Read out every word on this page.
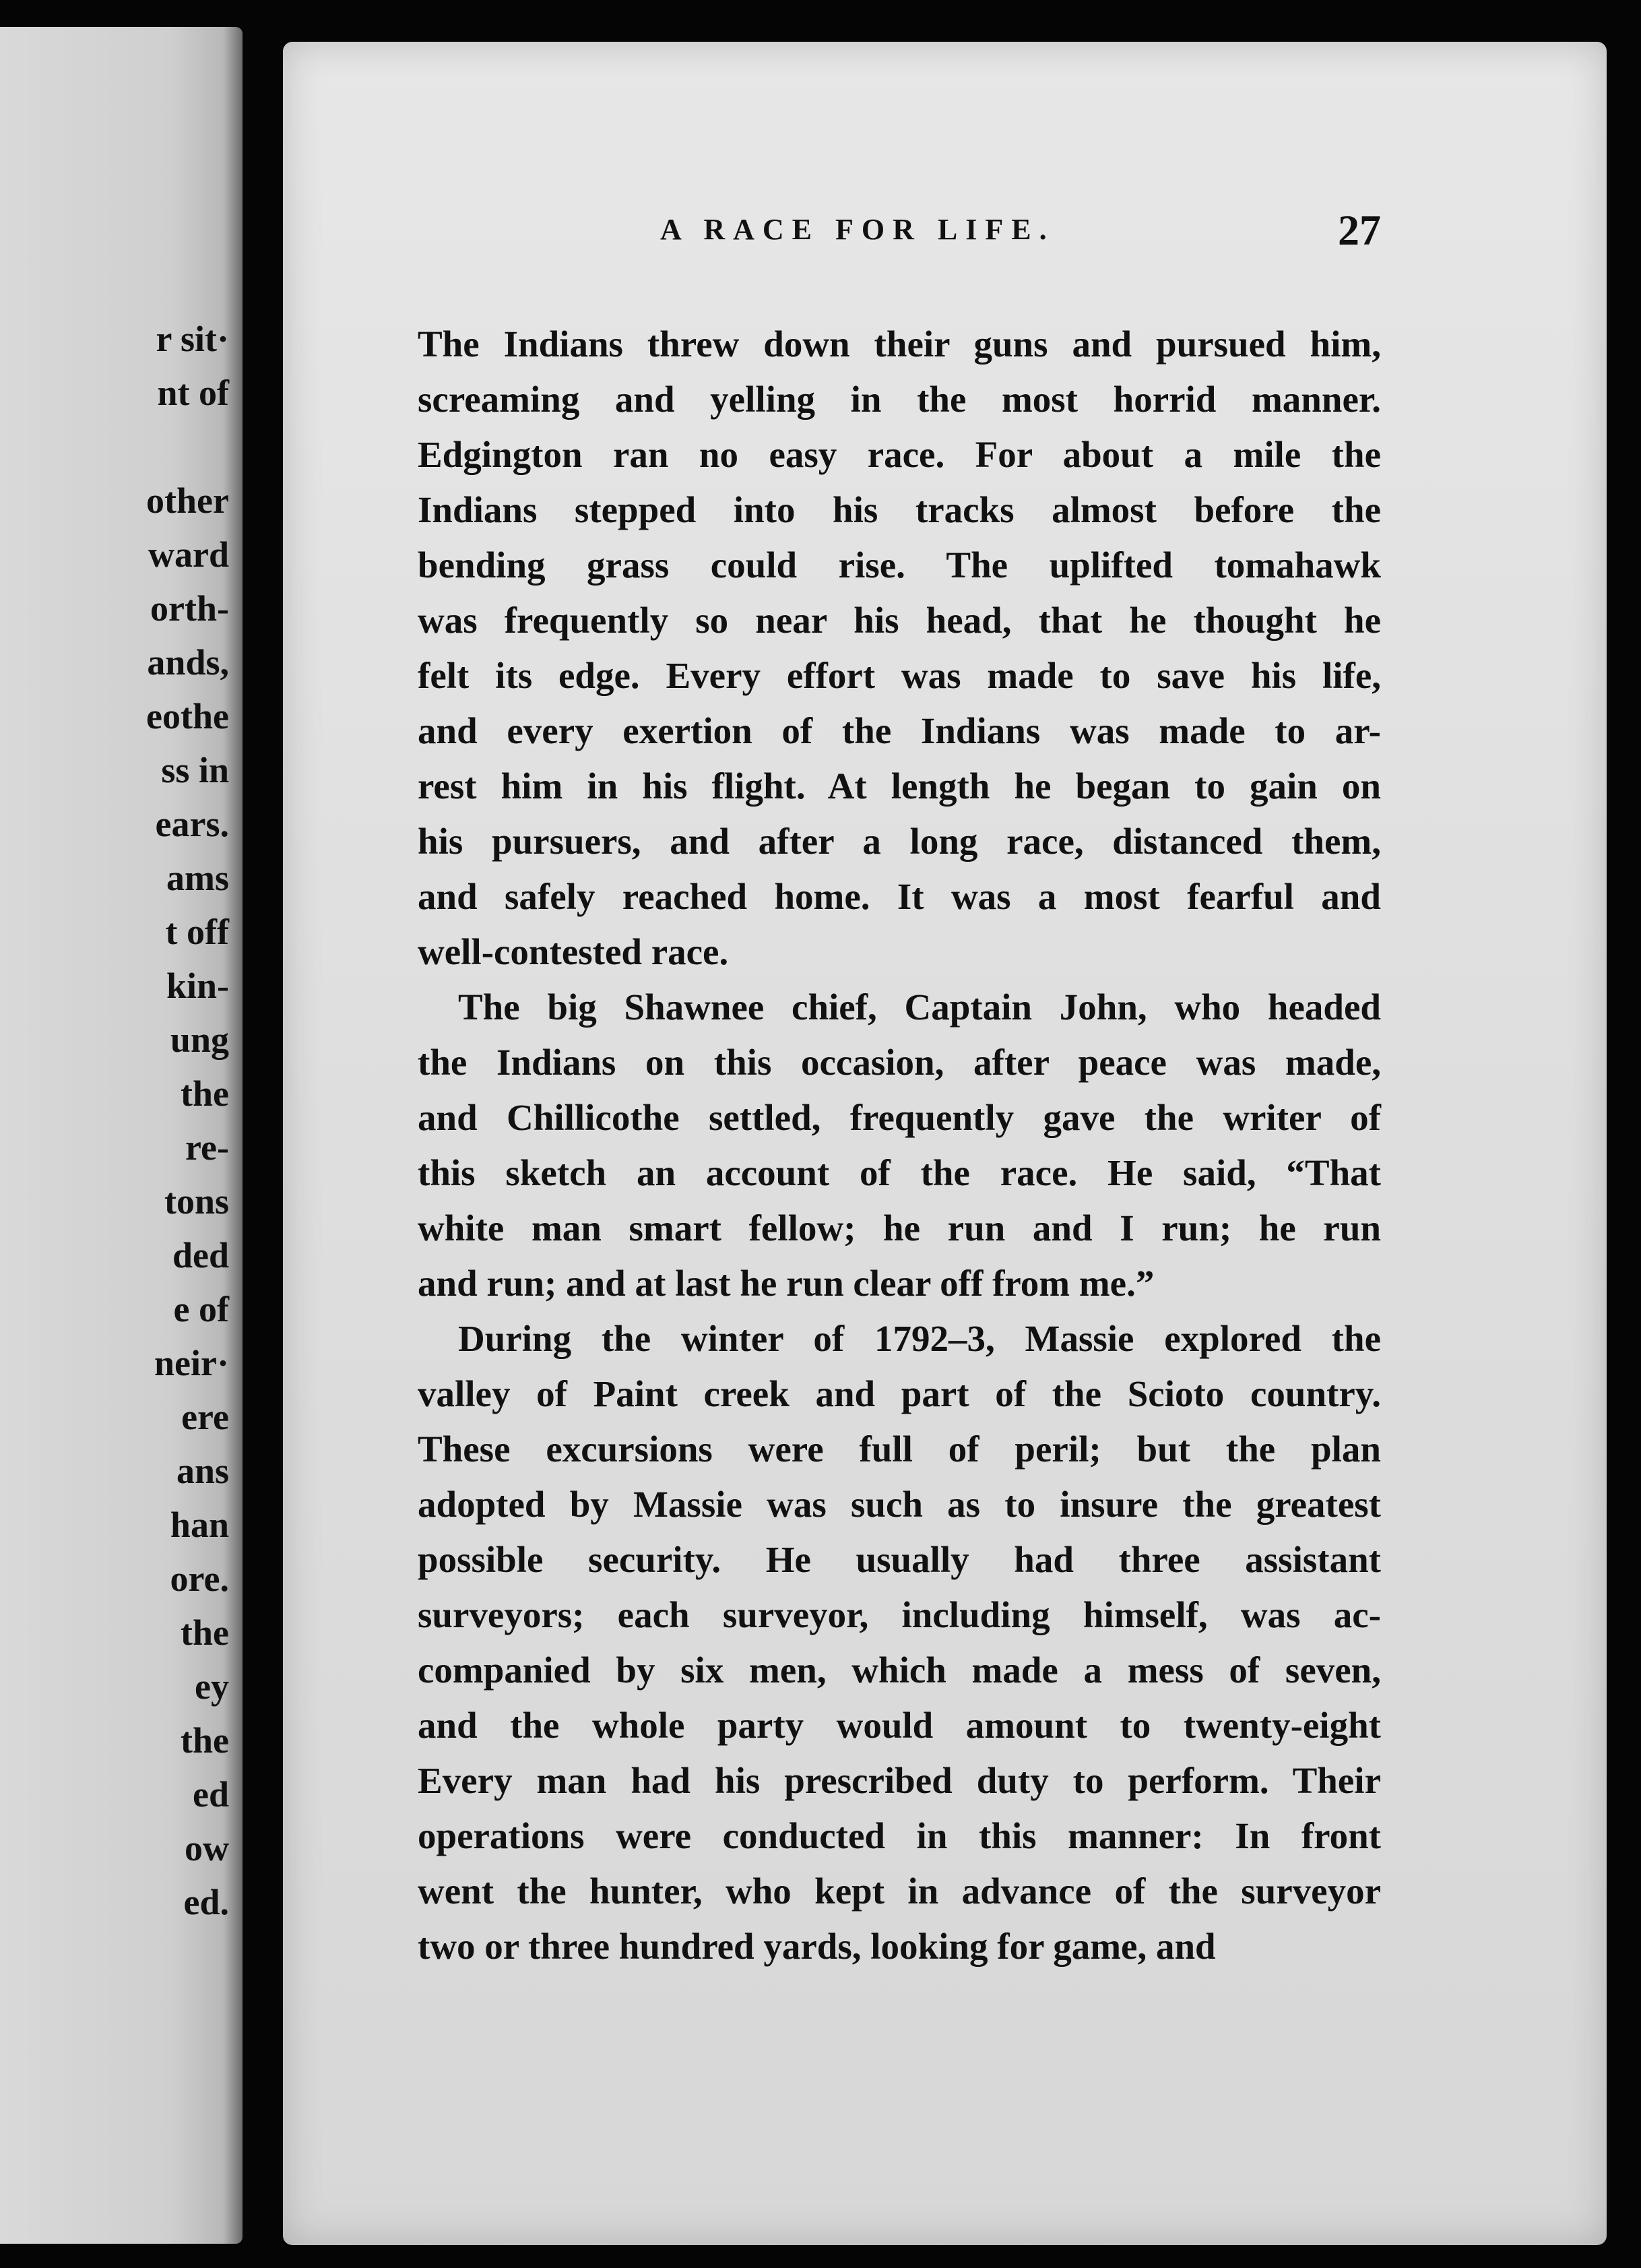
r sit·
nt of
other
ward
orth-
ands,
eothe
ss in
ears.
ams
t off
kin-
ung
the
re-
tons
ded
e of
neir·
ere
ans
han
ore.
the
ey
the
ed
ow
ed.
A RACE FOR LIFE.	27
The Indians threw down their guns and pursued him,
screaming and yelling in the most horrid manner.
Edgington ran no easy race. For about a mile the
Indians stepped into his tracks almost before the
bending grass could rise. The uplifted tomahawk
was frequently so near his head, that he thought he
felt its edge. Every effort was made to save his life,
and every exertion of the Indians was made to ar-
rest him in his flight. At length he began to gain on
his pursuers, and after a long race, distanced them,
and safely reached home. It was a most fearful and
well-contested race.
The big Shawnee chief, Captain John, who headed
the Indians on this occasion, after peace was made,
and Chillicothe settled, frequently gave the writer of
this sketch an account of the race. He said, “That
white man smart fellow; he run and I run; he run
and run; and at last he run clear off from me.”
During the winter of 1792–3, Massie explored the
valley of Paint creek and part of the Scioto country.
These excursions were full of peril; but the plan
adopted by Massie was such as to insure the greatest
possible security. He usually had three assistant
surveyors; each surveyor, including himself, was ac-
companied by six men, which made a mess of seven,
and the whole party would amount to twenty-eight
Every man had his prescribed duty to perform. Their
operations were conducted in this manner: In front
went the hunter, who kept in advance of the surveyor
two or three hundred yards, looking for game, and
